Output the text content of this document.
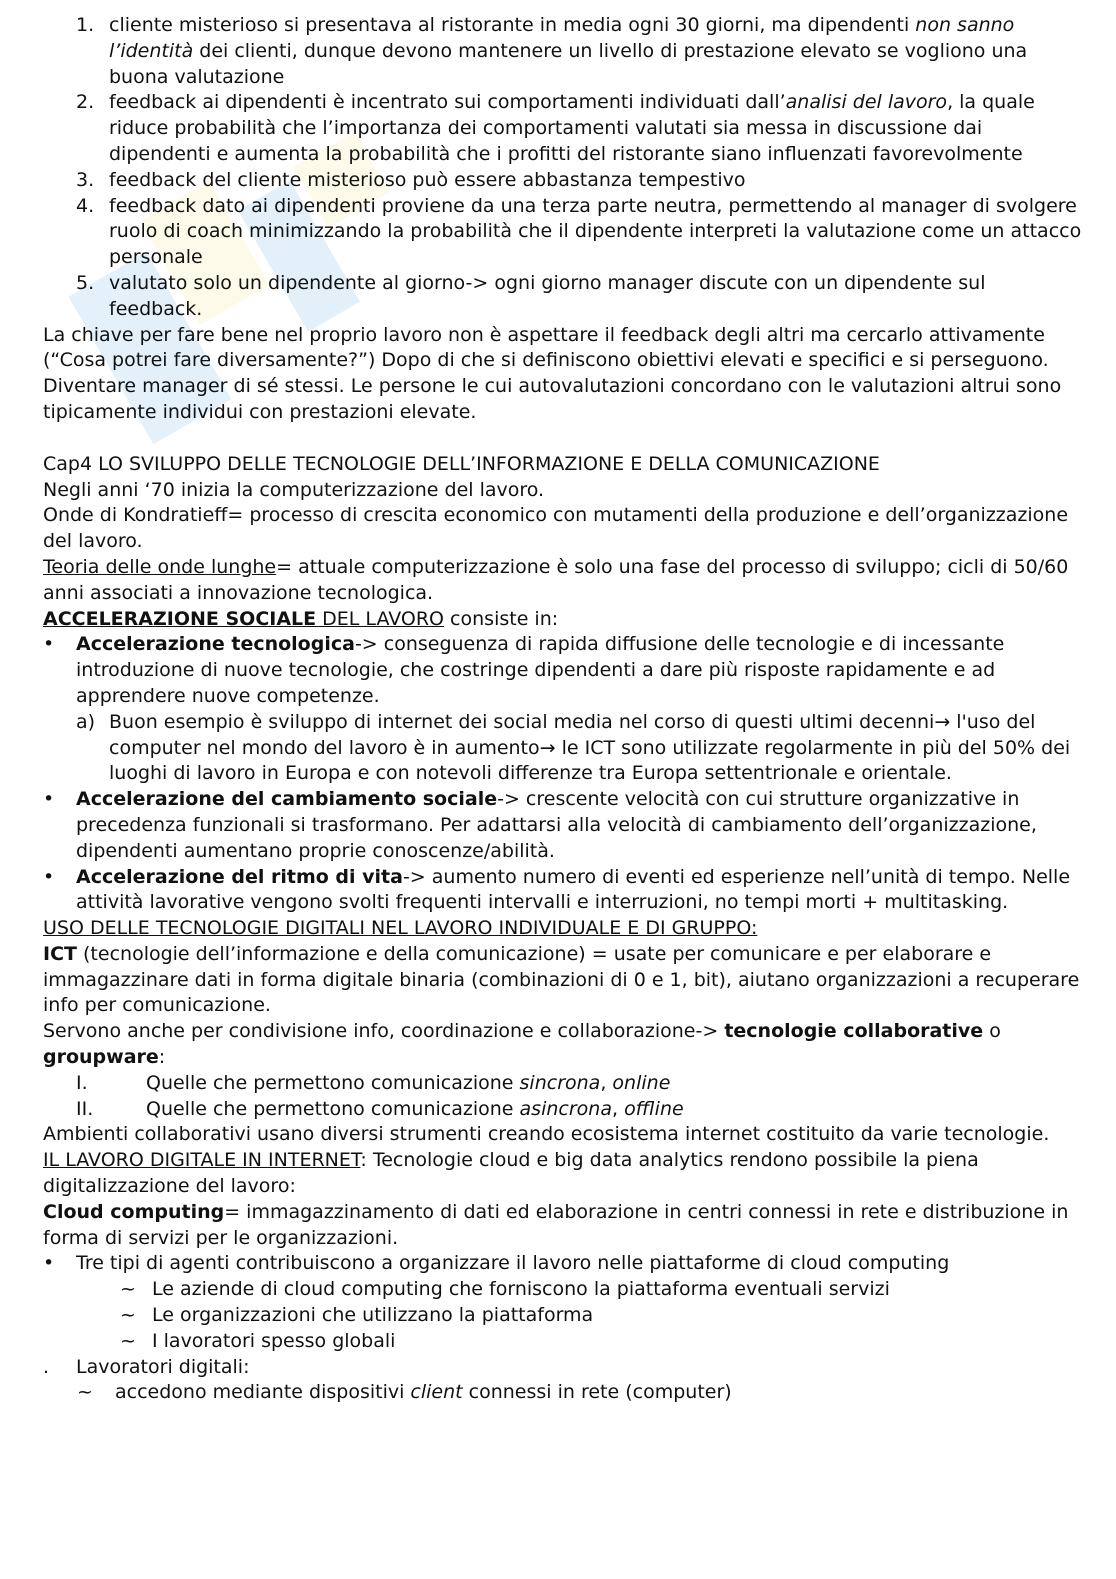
1. cliente misterioso si presentava al ristorante in media ogni 30 giorni, ma dipendenti non sanno l’identità dei clienti, dunque devono mantenere un livello di prestazione elevato se vogliono una buona valutazione
2. feedback ai dipendenti è incentrato sui comportamenti individuati dall’analisi del lavoro, la quale riduce probabilità che l’importanza dei comportamenti valutati sia messa in discussione dai dipendenti e aumenta la probabilità che i profitti del ristorante siano influenzati favorevolmente
3. feedback del cliente misterioso può essere abbastanza tempestivo
4. feedback dato ai dipendenti proviene da una terza parte neutra, permettendo al manager di svolgere ruolo di coach minimizzando la probabilità che il dipendente interpreti la valutazione come un attacco personale
5. valutato solo un dipendente al giorno-> ogni giorno manager discute con un dipendente sul feedback.

La chiave per fare bene nel proprio lavoro non è aspettare il feedback degli altri ma cercarlo attivamente (“Cosa potrei fare diversamente?”) Dopo di che si definiscono obiettivi elevati e specifici e si perseguono. Diventare manager di sé stessi. Le persone le cui autovalutazioni concordano con le valutazioni altrui sono tipicamente individui con prestazioni elevate.

Cap4 LO SVILUPPO DELLE TECNOLOGIE DELL’INFORMAZIONE E DELLA COMUNICAZIONE

Negli anni ‘70 inizia la computerizzazione del lavoro.

Onde di Kondratieff= processo di crescita economico con mutamenti della produzione e dell’organizzazione del lavoro.

Teoria delle onde lunghe= attuale computerizzazione è solo una fase del processo di sviluppo; cicli di 50/60 anni associati a innovazione tecnologica.

ACCELERAZIONE SOCIALE DEL LAVORO consiste in:

•	Accelerazione tecnologica-> conseguenza di rapida diffusione delle tecnologie e di incessante introduzione di nuove tecnologie, che costringe dipendenti a dare più risposte rapidamente e ad apprendere nuove competenze.
a) Buon esempio è sviluppo di internet dei social media nel corso di questi ultimi decenni→ l'uso del computer nel mondo del lavoro è in aumento→ le ICT sono utilizzate regolarmente in più del 50% dei luoghi di lavoro in Europa e con notevoli differenze tra Europa settentrionale e orientale.
•	Accelerazione del cambiamento sociale-> crescente velocità con cui strutture organizzative in precedenza funzionali si trasformano. Per adattarsi alla velocità di cambiamento dell’organizzazione, dipendenti aumentano proprie conoscenze/abilità.
•	Accelerazione del ritmo di vita-> aumento numero di eventi ed esperienze nell’unità di tempo. Nelle attività lavorative vengono svolti frequenti intervalli e interruzioni, no tempi morti + multitasking.

USO DELLE TECNOLOGIE DIGITALI NEL LAVORO INDIVIDUALE E DI GRUPPO:

ICT (tecnologie dell’informazione e della comunicazione) = usate per comunicare e per elaborare e immagazzinare dati in forma digitale binaria (combinazioni di 0 e 1, bit), aiutano organizzazioni a recuperare info per comunicazione.

Servono anche per condivisione info, coordinazione e collaborazione-> tecnologie collaborative o groupware:

I.	Quelle che permettono comunicazione sincrona, online
II.	Quelle che permettono comunicazione asincrona, offline

Ambienti collaborativi usano diversi strumenti creando ecosistema internet costituito da varie tecnologie.

IL LAVORO DIGITALE IN INTERNET: Tecnologie cloud e big data analytics rendono possibile la piena digitalizzazione del lavoro:

Cloud computing= immagazzinamento di dati ed elaborazione in centri connessi in rete e distribuzione in forma di servizi per le organizzazioni.

•	Tre tipi di agenti contribuiscono a organizzare il lavoro nelle piattaforme di cloud computing
~ Le aziende di cloud computing che forniscono la piattaforma eventuali servizi
~ Le organizzazioni che utilizzano la piattaforma
~ I lavoratori spesso globali
.	Lavoratori digitali:
~	accedono mediante dispositivi client connessi in rete (computer)
